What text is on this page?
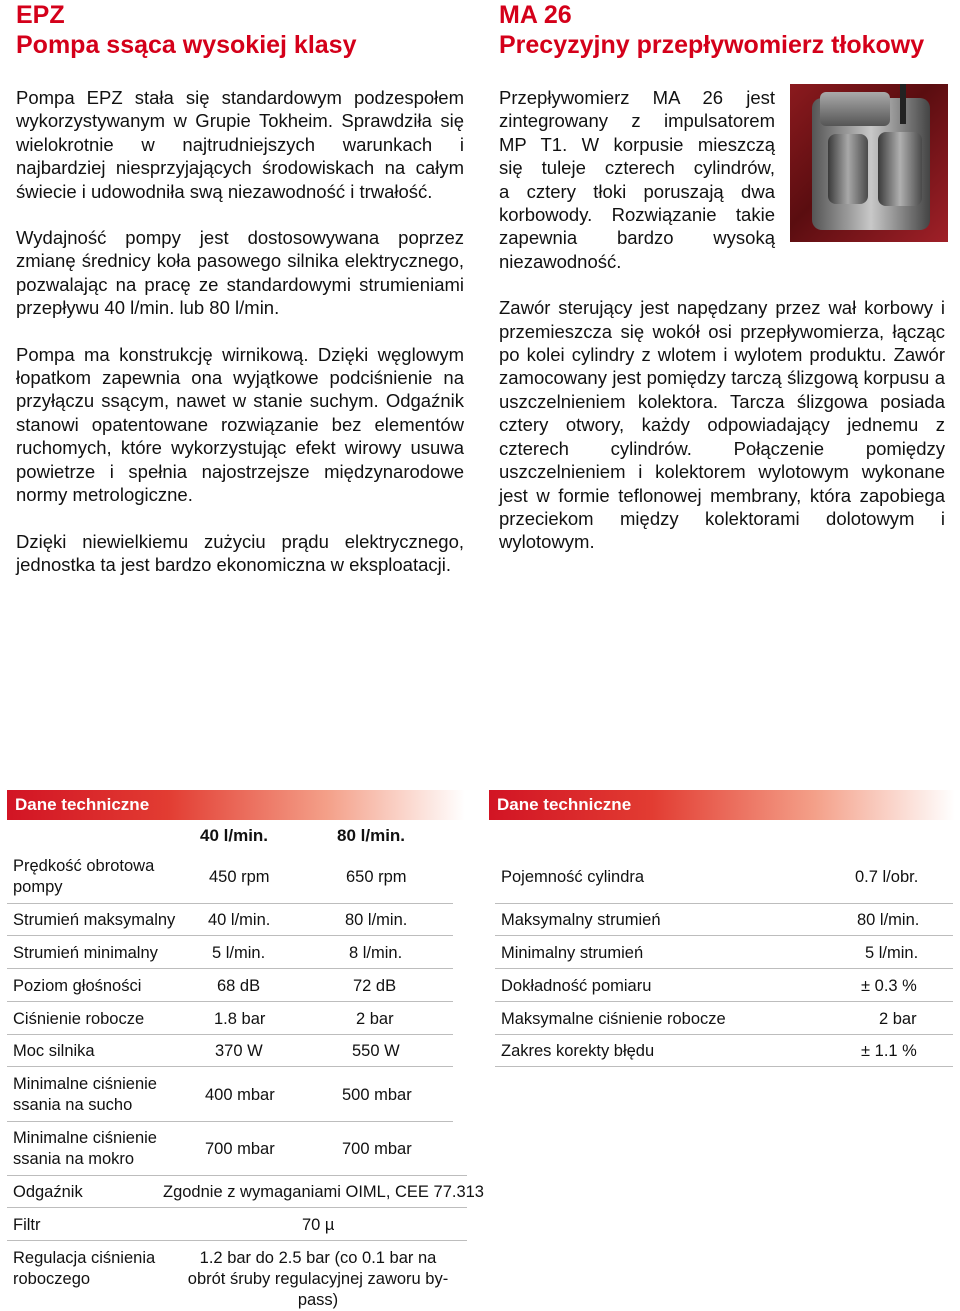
EPZ
Pompa ssąca wysokiej klasy

Pompa EPZ stała się standardowym podzespołem wykorzystywanym w Grupie Tokheim. Sprawdziła się wielokrotnie w najtrudniejszych warunkach i najbardziej niesprzyjających środowiskach na całym świecie i udowodniła swą niezawodność i trwałość.

Wydajność pompy jest dostosowywana poprzez zmianę średnicy koła pasowego silnika elektrycznego, pozwalając na pracę ze standardowymi strumieniami przepływu 40 l/min. lub 80 l/min.

Pompa ma konstrukcję wirnikową. Dzięki węglowym łopatkom zapewnia ona wyjątkowe podciśnienie na przyłączu ssącym, nawet w stanie suchym. Odgaźnik stanowi opatentowane rozwiązanie bez elementów ruchomych, które wykorzystując efekt wirowy usuwa powietrze i spełnia najostrzejsze międzynarodowe normy metrologiczne.

Dzięki niewielkiemu zużyciu prądu elektrycznego, jednostka ta jest bardzo ekonomiczna w eksploatacji.

MA 26
Precyzyjny przepływomierz tłokowy
Przepływomierz MA 26 jest
zintegrowany z impulsatorem
MP T1. W korpusie mieszczą
się tuleje czterech cylindrów,
a cztery tłoki poruszają dwa
korbowody. Rozwiązanie takie
zapewnia bardzo wysoką
niezawodność.

Zawór sterujący jest napędzany przez wał korbowy i przemieszcza się wokół osi przepływomierza, łącząc po kolei cylindry z wlotem i wylotem produktu. Zawór zamocowany jest pomiędzy tarczą ślizgową korpusu a uszczelnieniem kolektora. Tarcza ślizgowa posiada cztery otwory, każdy odpowiadający jednemu z czterech cylindrów. Połączenie pomiędzy uszczelnieniem i kolektorem wylotowym wykonane jest w formie teflonowej membrany, która zapobiega przeciekom między kolektorami dolotowym i wylotowym.

Dane techniczne
40 l/min.	80 l/min.
Prędkość obrotowa pompy
450 rpm	650 rpm
Strumień maksymalny 40 l/min.	80 l/min.
Strumień minimalny	5 l/min.	8 l/min.
Poziom głośności	68 dB	72 dB
Ciśnienie robocze	1.8 bar	2 bar
Moc silnika	370 W	550 W
Minimalne ciśnienie ssania na sucho
400 mbar	500 mbar
Minimalne ciśnienie ssania na mokro
700 mbar	700 mbar
Odgaźnik	Zgodnie z wymaganiami OIML, CEE 77.313
Filtr	70 µ
Regulacja ciśnienia roboczego
1.2 bar do 2.5 bar (co 0.1 bar na obrót śruby regulacyjnej zaworu by-pass)
Dane techniczne
Pojemność cylindra	0.7 l/obr.
Maksymalny strumień	80 l/min.
Minimalny strumień	5 l/min.
Dokładność pomiaru	± 0.3 %
Maksymalne ciśnienie robocze	2 bar
Zakres korekty błędu	± 1.1 %
